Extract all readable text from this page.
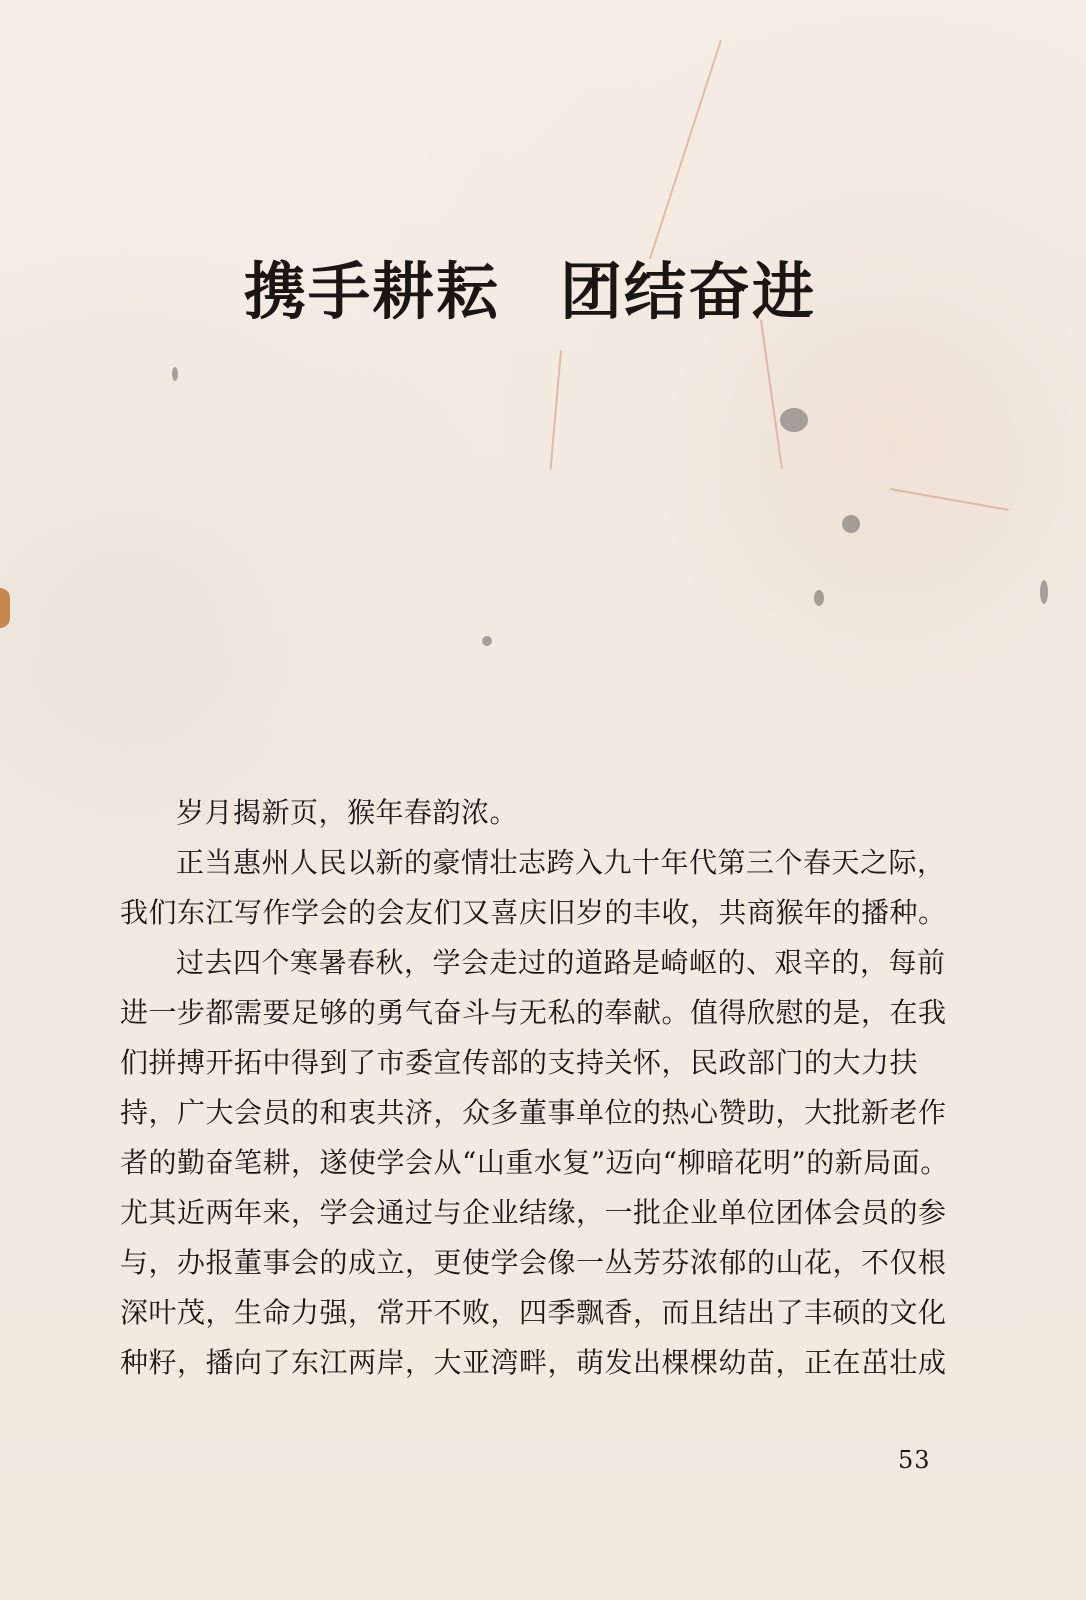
携手耕耘 团结奋进

岁月揭新页，猴年春韵浓。

正当惠州人民以新的豪情壮志跨入九十年代第三个春天之际，我们东江写作学会的会友们又喜庆旧岁的丰收，共商猴年的播种。

过去四个寒暑春秋，学会走过的道路是崎岖的、艰辛的，每前进一步都需要足够的勇气奋斗与无私的奉献。值得欣慰的是，在我们拼搏开拓中得到了市委宣传部的支持关怀，民政部门的大力扶持，广大会员的和衷共济，众多董事单位的热心赞助，大批新老作者的勤奋笔耕，遂使学会从“山重水复”迈向“柳暗花明”的新局面。尤其近两年来，学会通过与企业结缘，一批企业单位团体会员的参与，办报董事会的成立，更使学会像一丛芳芬浓郁的山花，不仅根深叶茂，生命力强，常开不败，四季飘香，而且结出了丰硕的文化种籽，播向了东江两岸，大亚湾畔，萌发出棵棵幼苗，正在茁壮成

53
